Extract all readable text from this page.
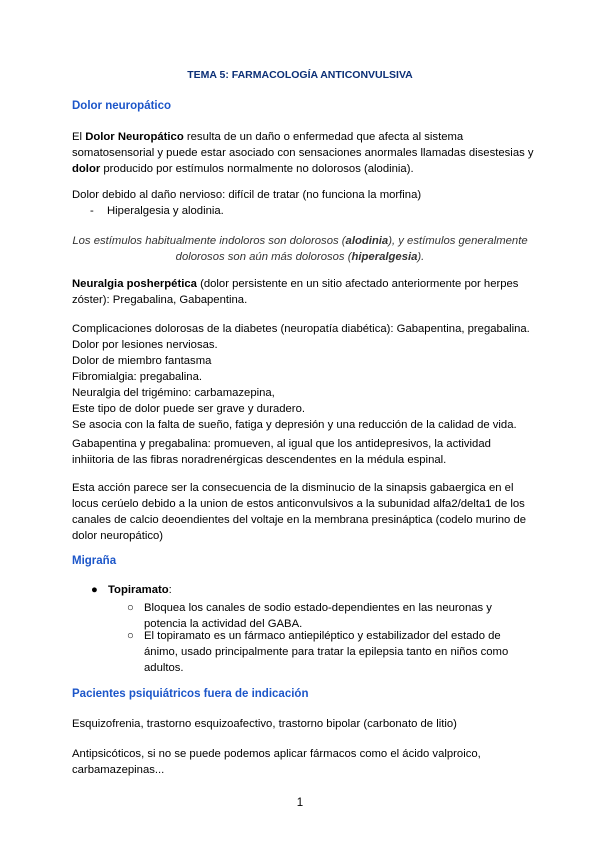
TEMA 5: FARMACOLOGÍA ANTICONVULSIVA
Dolor neuropático
El Dolor Neuropático resulta de un daño o enfermedad que afecta al sistema
somatosensorial y puede estar asociado con sensaciones anormales llamadas disestesias y
dolor producido por estímulos normalmente no dolorosos (alodinia).
Dolor debido al daño nervioso: difícil de tratar (no funciona la morfina)
- Hiperalgesia y alodinia.
Los estímulos habitualmente indoloros son dolorosos (alodinia), y estímulos generalmente
dolorosos son aún más dolorosos (hiperalgesia).
Neuralgia posherpética (dolor persistente en un sitio afectado anteriormente por herpes
zóster): Pregabalina, Gabapentina.
Complicaciones dolorosas de la diabetes (neuropatía diabética): Gabapentina, pregabalina.
Dolor por lesiones nerviosas.
Dolor de miembro fantasma
Fibromialgia: pregabalina.
Neuralgia del trigémino: carbamazepina,
Este tipo de dolor puede ser grave y duradero.
Se asocia con la falta de sueño, fatiga y depresión y una reducción de la calidad de vida.
Gabapentina y pregabalina: promueven, al igual que los antidepresivos, la actividad
inhiitoria de las fibras noradrenérgicas descendentes en la médula espinal.
Esta acción parece ser la consecuencia de la disminucio de la sinapsis gabaergica en el
locus cerúelo debido a la union de estos anticonvulsivos a la subunidad alfa2/delta1 de los
canales de calcio deoendientes del voltaje en la membrana presináptica (codelo murino de
dolor neuropático)
Migraña
● Topiramato:
○ Bloquea los canales de sodio estado-dependientes en las neuronas y
potencia la actividad del GABA.
○ El topiramato es un fármaco antiepiléptico y estabilizador del estado de
ánimo, usado principalmente para tratar la epilepsia tanto en niños como
adultos.
Pacientes psiquiátricos fuera de indicación
Esquizofrenia, trastorno esquizoafectivo, trastorno bipolar (carbonato de litio)
Antipsicóticos, si no se puede podemos aplicar fármacos como el ácido valproico,
carbamazepinas...
1
